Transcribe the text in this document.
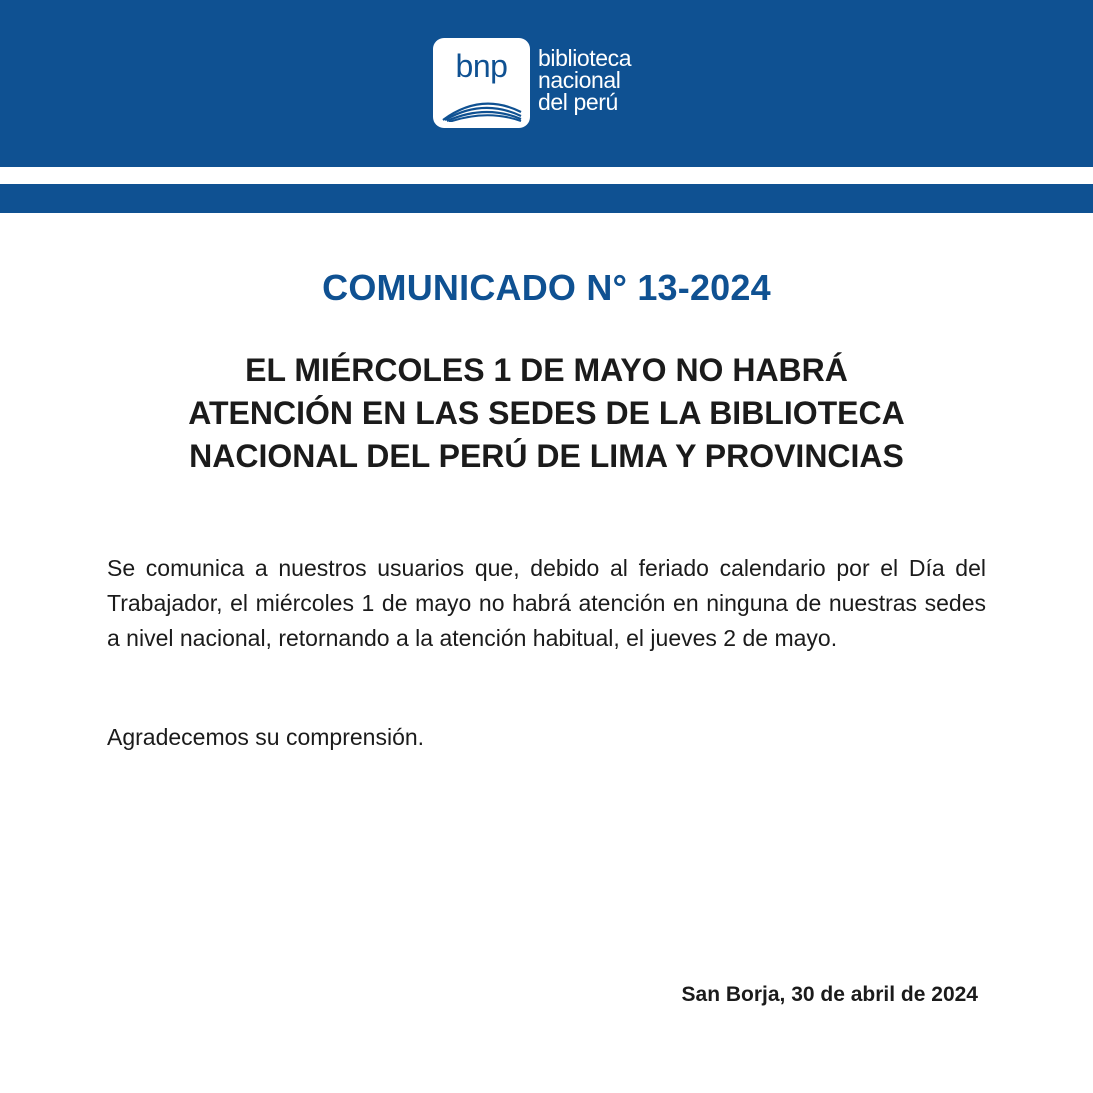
bnp	biblioteca
nacional
del perú
COMUNICADO N° 13-2024
EL MIÉRCOLES 1 DE MAYO NO HABRÁ
ATENCIÓN EN LAS SEDES DE LA BIBLIOTECA
NACIONAL DEL PERÚ DE LIMA Y PROVINCIAS
Se comunica a nuestros usuarios que, debido al feriado calendario por el Día del Trabajador, el miércoles 1 de mayo no habrá atención en ninguna de nuestras sedes a nivel nacional, retornando a la atención habitual, el jueves 2 de mayo.
Agradecemos su comprensión.
San Borja, 30 de abril de 2024
